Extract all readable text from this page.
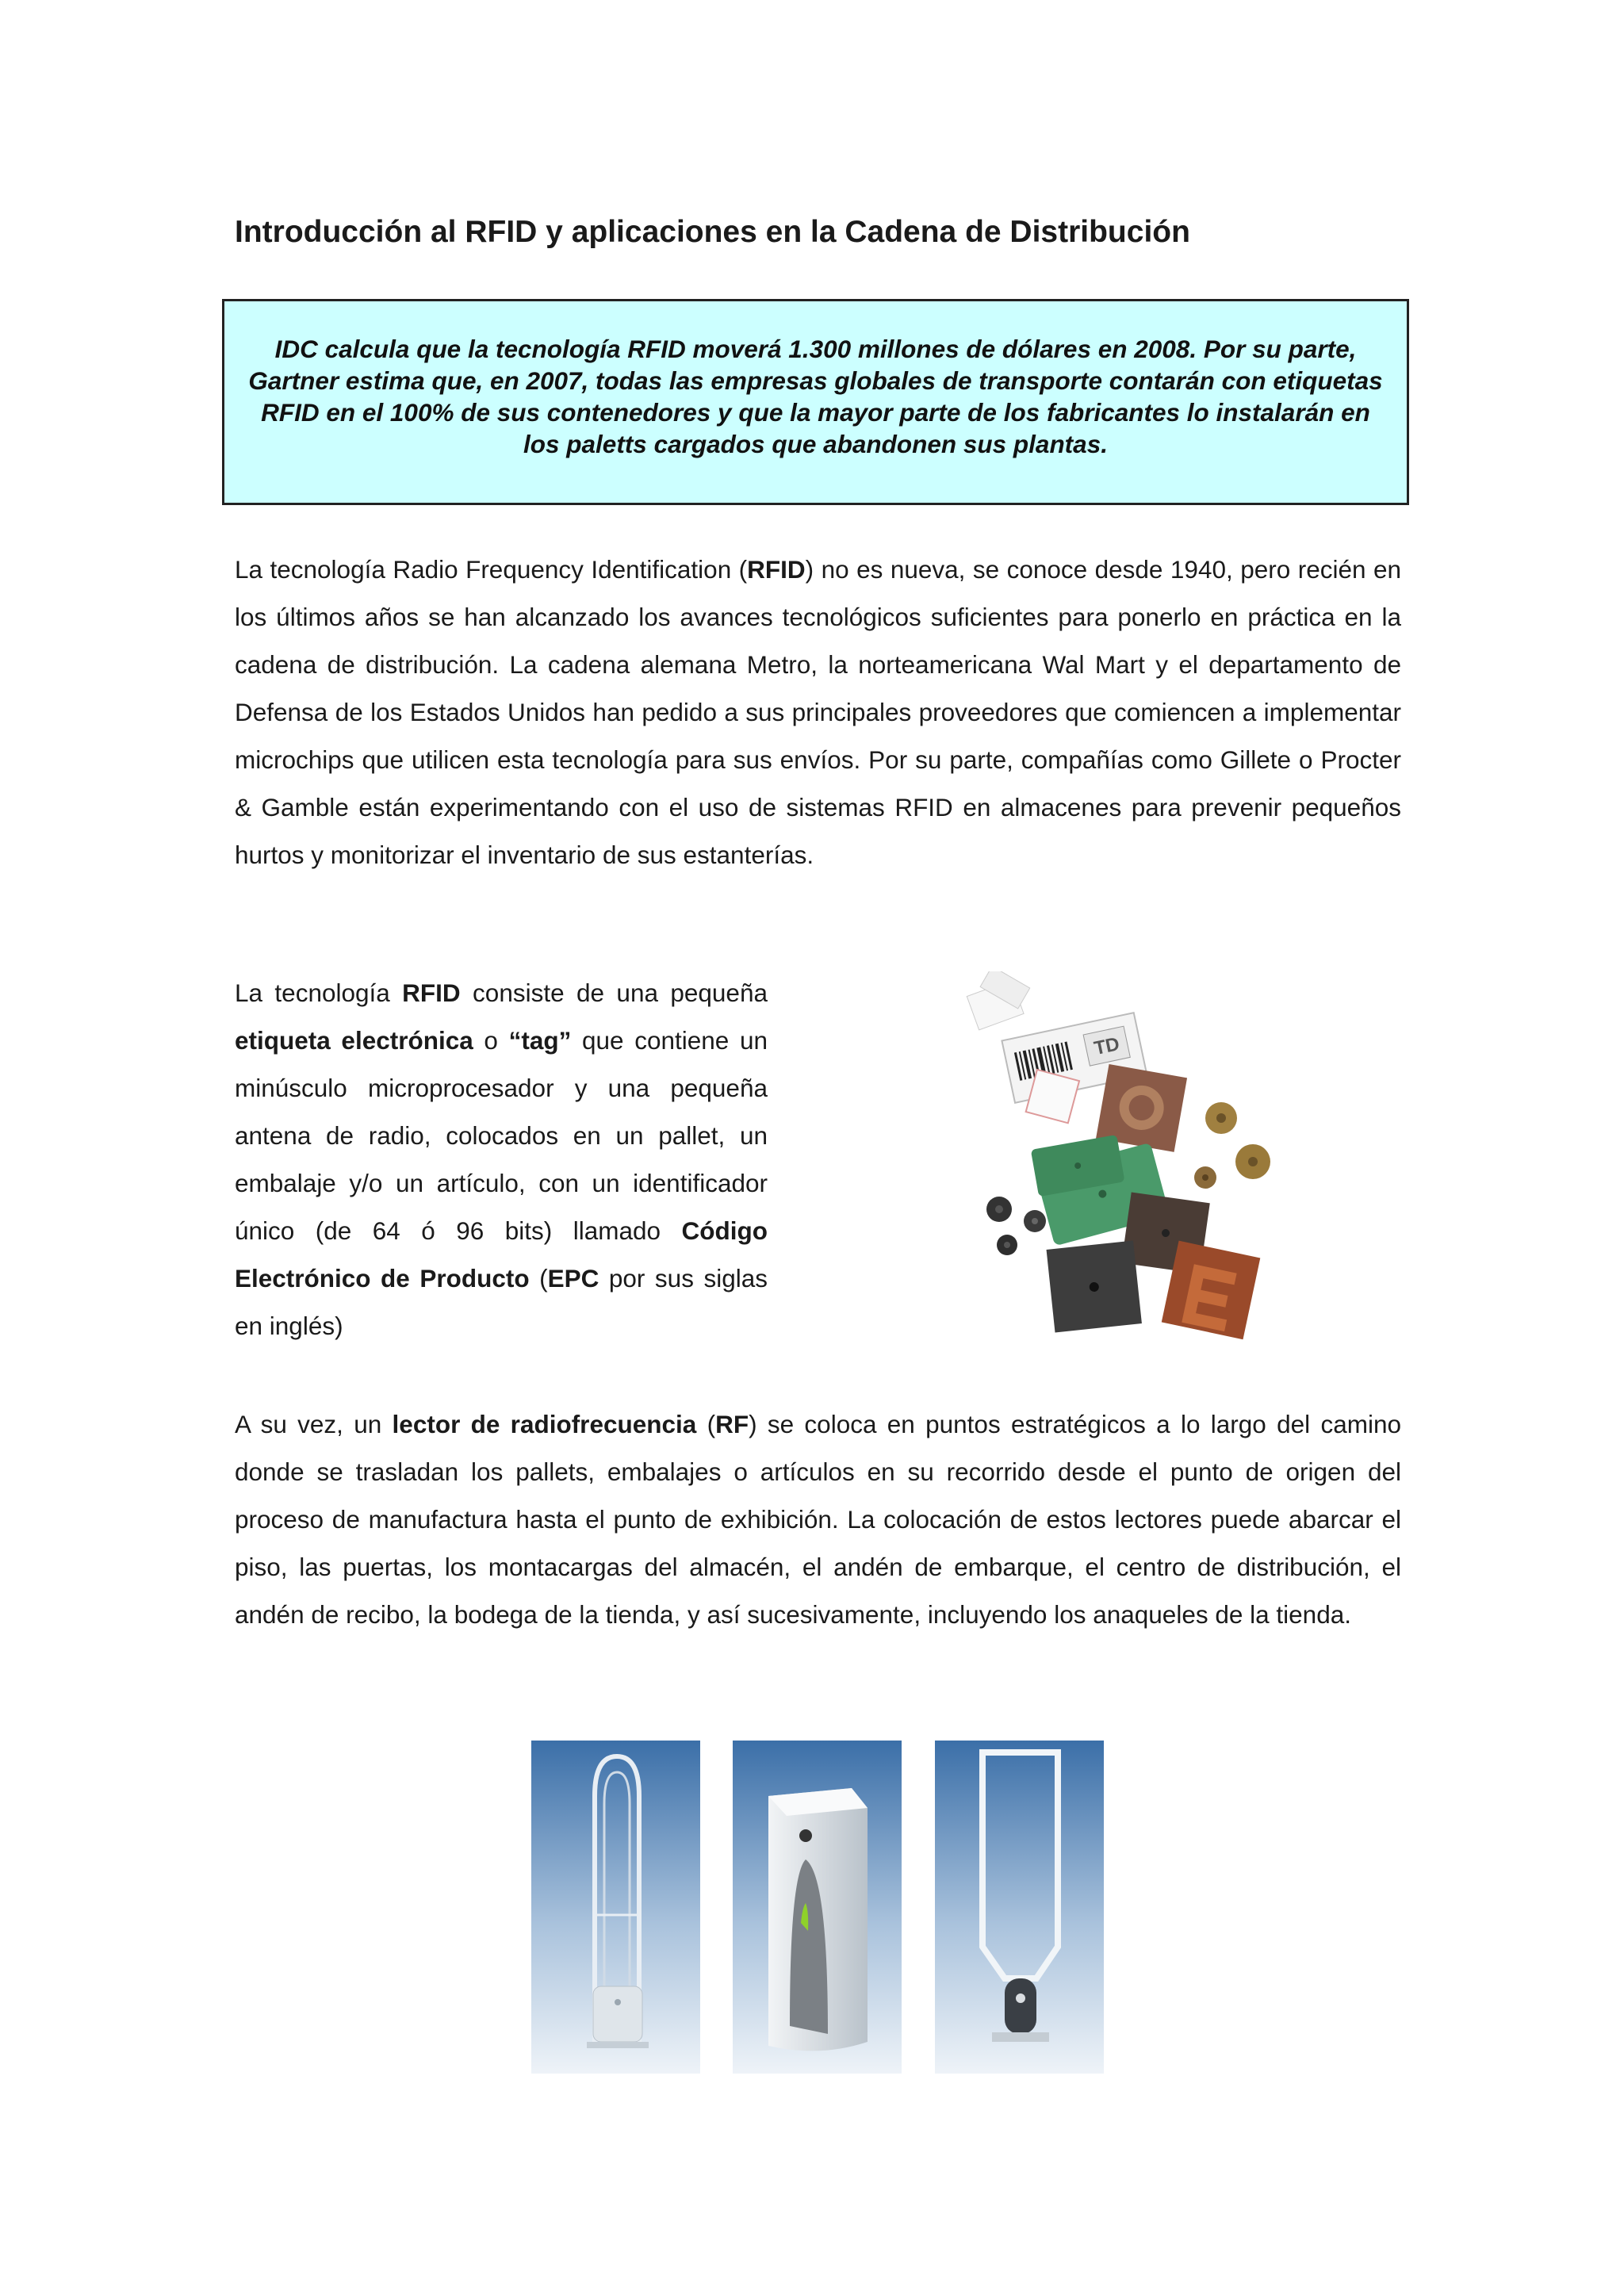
Introducción al RFID y aplicaciones en la Cadena de Distribución

IDC calcula que la tecnología RFID moverá 1.300 millones de dólares en 2008. Por su parte, Gartner estima que, en 2007, todas las empresas globales de transporte contarán con etiquetas RFID en el 100% de sus contenedores y que la mayor parte de los fabricantes lo instalarán en los paletts cargados que abandonen sus plantas.

La tecnología Radio Frequency Identification (RFID) no es nueva, se conoce desde 1940, pero recién en los últimos años se han alcanzado los avances tecnológicos suficientes para ponerlo en práctica en la cadena de distribución. La cadena alemana Metro, la norteamericana Wal Mart y el departamento de Defensa de los Estados Unidos han pedido a sus principales proveedores que comiencen a implementar microchips que utilicen esta tecnología para sus envíos. Por su parte, compañías como Gillete o Procter & Gamble están experimentando con el uso de sistemas RFID en almacenes para prevenir pequeños hurtos y monitorizar el inventario de sus estanterías.

La tecnología RFID consiste de una pequeña etiqueta electrónica o “tag” que contiene un minúsculo microprocesador y una pequeña antena de radio, colocados en un pallet, un embalaje y/o un artículo, con un identificador único (de 64 ó 96 bits) llamado Código Electrónico de Producto (EPC por sus siglas en inglés)

TD

A su vez, un lector de radiofrecuencia (RF) se coloca en puntos estratégicos a lo largo del camino donde se trasladan los pallets, embalajes o artículos en su recorrido desde el punto de origen del proceso de manufactura hasta el punto de exhibición. La colocación de estos lectores puede abarcar el piso, las puertas, los montacargas del almacén, el andén de embarque, el centro de distribución, el andén de recibo, la bodega de la tienda, y así sucesivamente, incluyendo los anaqueles de la tienda.
